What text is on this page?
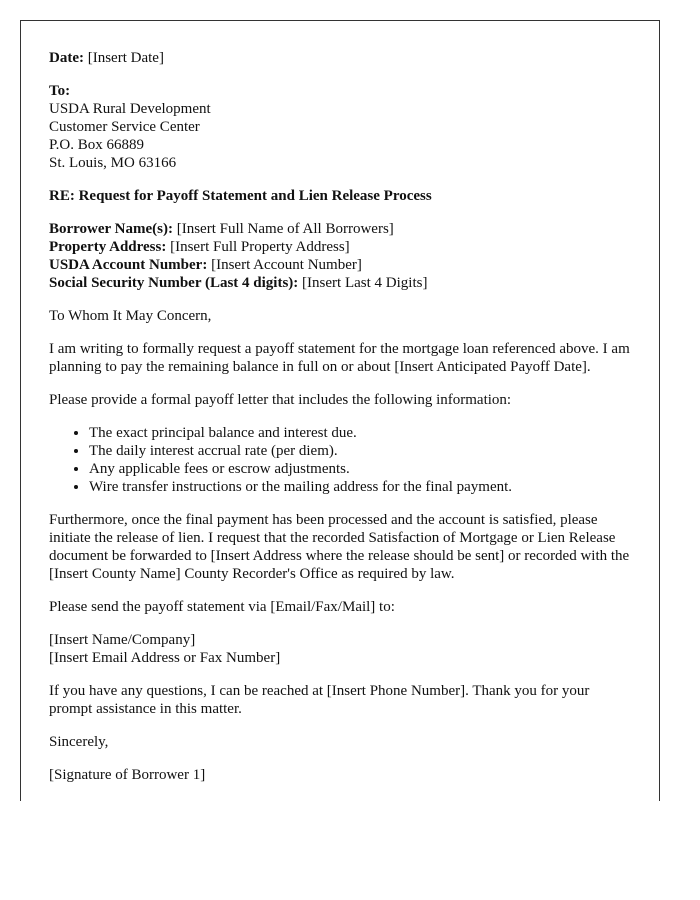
Date: [Insert Date]

To:
USDA Rural Development
Customer Service Center
P.O. Box 66889
St. Louis, MO 63166

RE: Request for Payoff Statement and Lien Release Process

Borrower Name(s): [Insert Full Name of All Borrowers]
Property Address: [Insert Full Property Address]
USDA Account Number: [Insert Account Number]
Social Security Number (Last 4 digits): [Insert Last 4 Digits]

To Whom It May Concern,

I am writing to formally request a payoff statement for the mortgage loan referenced above. I am planning to pay the remaining balance in full on or about [Insert Anticipated Payoff Date].

Please provide a formal payoff letter that includes the following information:

• The exact principal balance and interest due.
• The daily interest accrual rate (per diem).
• Any applicable fees or escrow adjustments.
• Wire transfer instructions or the mailing address for the final payment.

Furthermore, once the final payment has been processed and the account is satisfied, please initiate the release of lien. I request that the recorded Satisfaction of Mortgage or Lien Release document be forwarded to [Insert Address where the release should be sent] or recorded with the [Insert County Name] County Recorder's Office as required by law.

Please send the payoff statement via [Email/Fax/Mail] to:

[Insert Name/Company]
[Insert Email Address or Fax Number]

If you have any questions, I can be reached at [Insert Phone Number]. Thank you for your prompt assistance in this matter.

Sincerely,

[Signature of Borrower 1]
